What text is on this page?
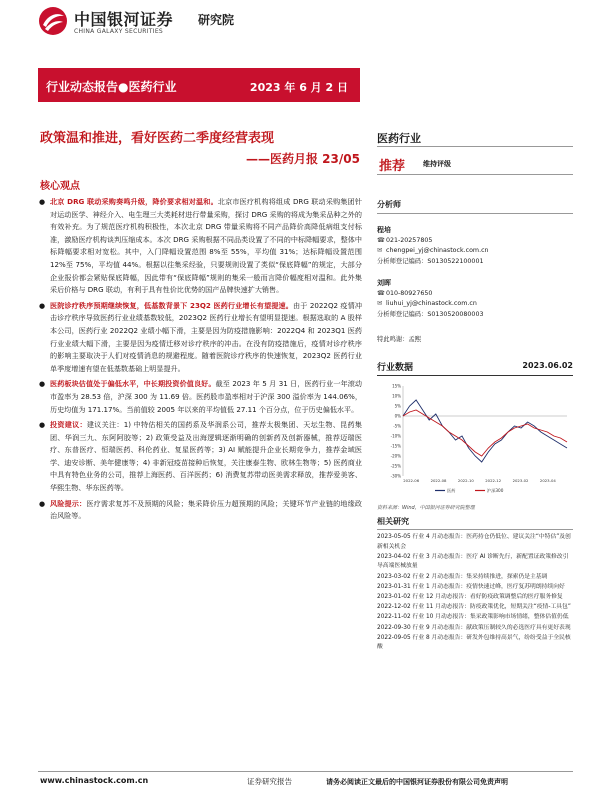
中国银河证券 研究院
CHINA GALAXY SECURITIES
行业动态报告●医药行业	2023 年 6 月 2 日
政策温和推进，看好医药二季度经营表现
——医药月报 23/05
核心观点
● 北京 DRG 联动采购奏鸣升级，降价要求相对温和。北京市医疗机构将组成 DRG 联动采购集团针对运动医学、神经介入、电生理三大类耗材进行带量采购，探讨 DRG 采购的将成为集采品种之外的有效补充。为了规范医疗机构积极性，本次北京 DRG 带量采购将不同产品降价高降低病组支付标准，激励医疗机构谈判压缩成本。本次 DRG 采购根据不同品类设置了不同的中标降幅要求，整体中标降幅要求相对宽松。其中，入门降幅设置范围 8%至 55%，平均值 31%；达标降幅设置范围 12%至 75%，平均值 44%。根据以往集采经验，只要规则设置了类似“保底降幅”的规定，大部分企业报价都会紧贴保底降幅，因此带有“保底降幅”规则的集采一般而言降价幅度相对温和。此外集采后价格与 DRG 联动，有利于具有性价比优势的国产品牌快速扩大销售。
● 医院诊疗秩序预期继续恢复，低基数背景下 23Q2 医药行业增长有望提速。由于 2022Q2 疫情冲击诊疗秩序导致医药行业业绩基数较低，2023Q2 医药行业增长有望明显提速。根据选取的 A 股样本公司，医药行业 2022Q2 业绩小幅下滑，主要是因为防疫措施影响：2022Q4 和 2023Q1 医药行业业绩大幅下滑，主要是因为疫情迁移对诊疗秩序的冲击。在没有防疫措施后，疫情对诊疗秩序的影响主要取决于人们对疫情消息的规避程度。随着医院诊疗秩序的快速恢复，2023Q2 医药行业单季度增速有望在低基数基础上明显提升。
● 医药板块估值处于偏低水平，中长期投资价值良好。截至 2023 年 5 月 31 日，医药行业一年滚动市盈率为 28.53 倍，沪深 300 为 11.69 倍。医药股市盈率相对于沪深 300 溢价率为 144.06%，历史均值为 171.17%。当前值较 2005 年以来的平均值低 27.11 个百分点，位于历史偏低水平。
● 投资建议：建议关注：1) 中特估相关的国药系及华润系公司，推荐太极集团、天坛生物、昆药集团、华润三九、东阿阿胶等；2) 政策受益及出海逻辑逐渐明确的创新药及创新器械，推荐迈瑞医疗、东普医疗、恒瑞医药、科伦药业、复星医药等；3) AI 赋能提升企业长期竞争力，推荐金域医学、迪安诊断、美年健康等；4) 非新冠疫苗接种后恢复，关注康泰生物、欧林生物等；5) 医药商业中具有特色业务的公司，推荐上海医药、百洋医药；6) 消费复苏带动医美需求释放，推荐爱美客、华熙生物、华东医药等。
● 风险提示：医疗需求复苏不及预期的风险；集采降价压力超预期的风险；关键环节产业链的地缘政治风险等。
医药行业
推荐	维持评级
分析师
程培
☎021-20257805
✉ chengpei_yj@chinastock.com.cn
分析师登记编码：S0130522100001
刘晖
☎010-80927650
✉ liuhui_yj@chinastock.com.cn
分析师登记编码：S0130520080003
特此鸣谢：孟熙
行业数据	2023.06.02
15%
10%
5%
0%
-5%
-10%
-15%
-20%
-25%
-30%
2022-06	2022-08	2022-10	2022-12	2023-02	2023-04
医药	沪深300
资料来源：Wind，中国银河证券研究院整理
相关研究
2023-05-05 行业 4 月动态报告：医药持仓仍低位、建议关注“中特估”及创新相关机会
2023-04-02 行业 3 月动态报告：医疗 AI 诊断先行，新配置证政策修改引导高端医械放量
2023-03-02 行业 2 月动态报告：集采持续推进，探索仍是主基调
2023-01-31 行业 1 月动态报告：疫情快速过峰，医疗复苏明朗持续向好
2023-01-02 行业 12 月动态报告：看好防疫政策调整后的医疗服务修复
2022-12-02 行业 11 月动态报告：防疫政策优化，短期关注“疫情-工具包”
2022-11-02 行业 10 月动态报告：集采政策影响市场情绪，整体估值仍低
2022-09-30 行业 9 月动态报告：献政策压制较久的必选医疗具有更好表现
2022-09-05 行业 8 月动态报告：研发外包维持高景气，纷纷受益于全民核酸
www.chinastock.com.cn	证券研究报告	请务必阅读正文最后的中国银河证券股份有限公司免责声明
